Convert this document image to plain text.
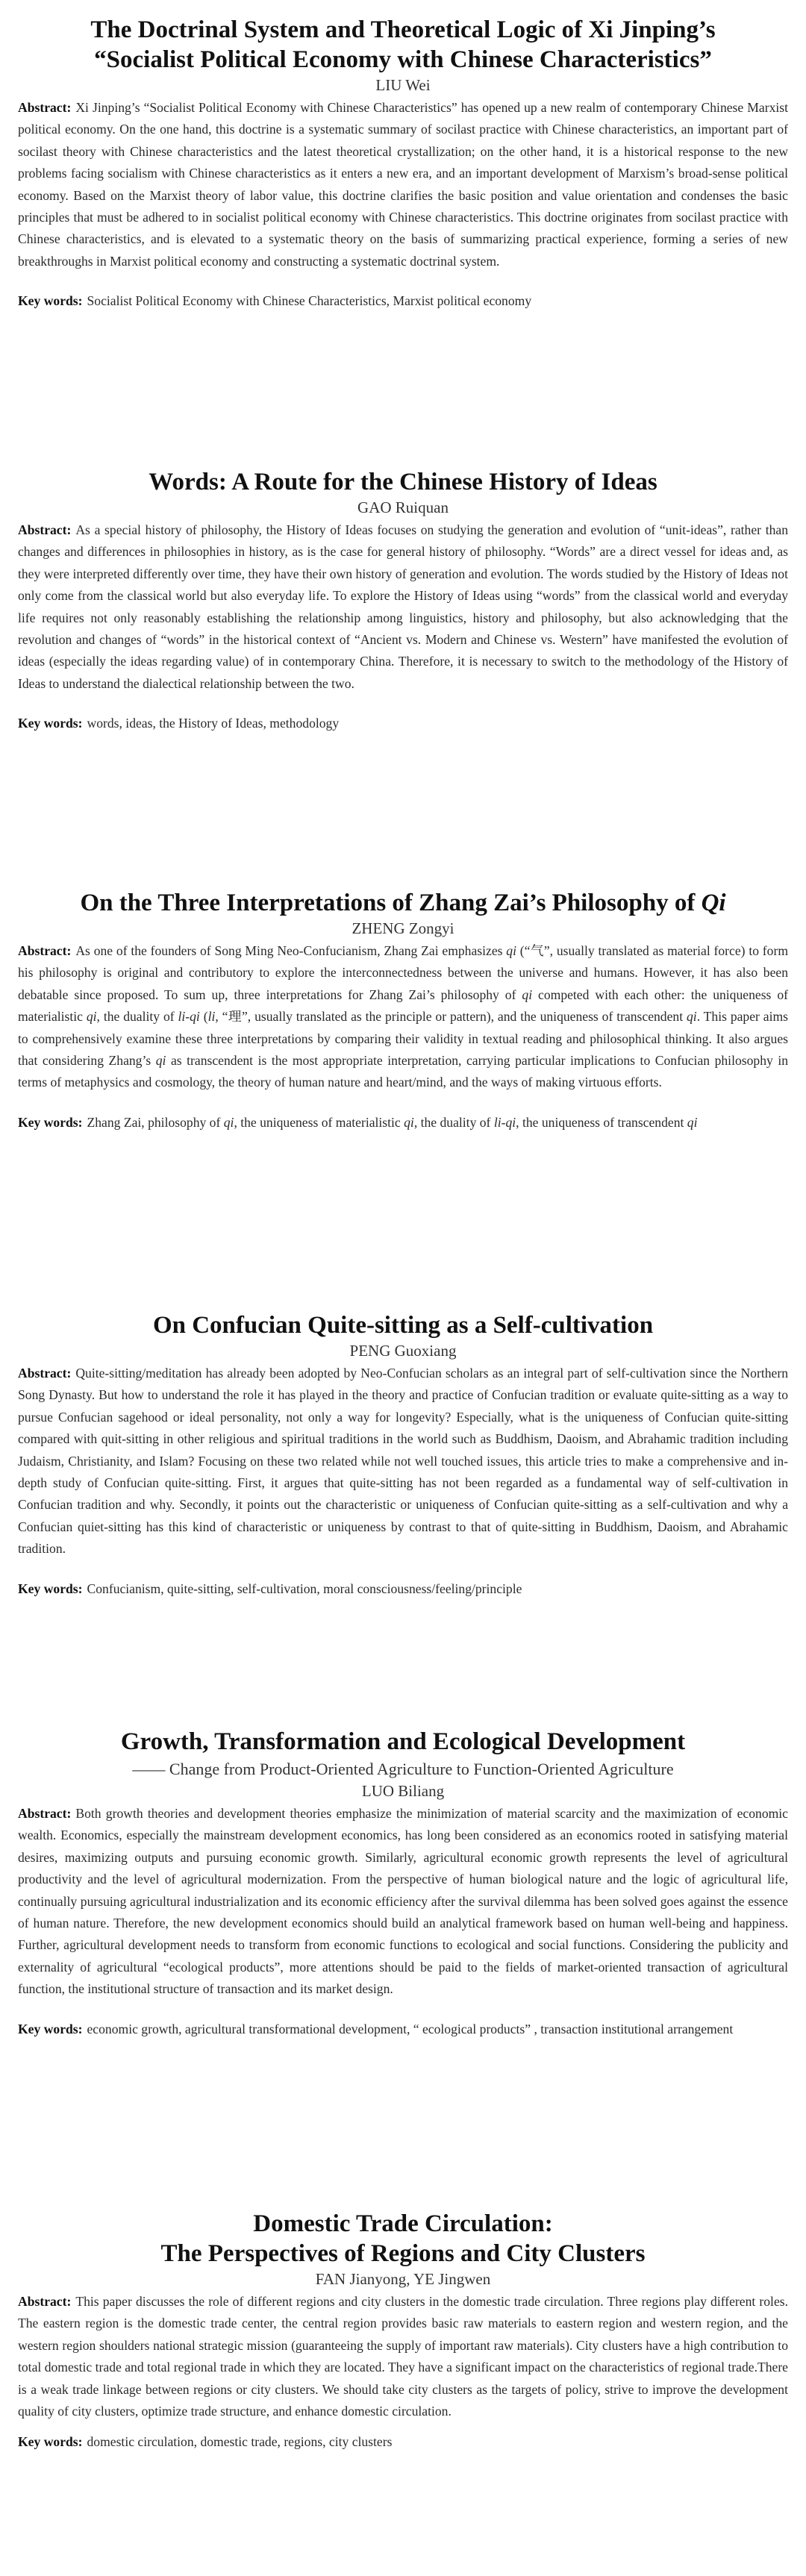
The Doctrinal System and Theoretical Logic of Xi Jinping’s
“Socialist Political Economy with Chinese Characteristics”
LIU Wei

Abstract: Xi Jinping’s “Socialist Political Economy with Chinese Characteristics” has opened up a new realm of contemporary Chinese Marxist political economy. On the one hand, this doctrine is a systematic summary of socilast practice with Chinese characteristics, an important part of socilast theory with Chinese characteristics and the latest theoretical crystallization; on the other hand, it is a historical response to the new problems facing socialism with Chinese characteristics as it enters a new era, and an important development of Marxism’s broad-sense political economy. Based on the Marxist theory of labor value, this doctrine clarifies the basic position and value orientation and condenses the basic principles that must be adhered to in socialist political economy with Chinese characteristics. This doctrine originates from socilast practice with Chinese characteristics, and is elevated to a systematic theory on the basis of summarizing practical experience, forming a series of new breakthroughs in Marxist political economy and constructing a systematic doctrinal system.

Key words: Socialist Political Economy with Chinese Characteristics, Marxist political economy

Words: A Route for the Chinese History of Ideas
GAO Ruiquan

Abstract: As a special history of philosophy, the History of Ideas focuses on studying the generation and evolution of “unit-ideas”, rather than changes and differences in philosophies in history, as is the case for general history of philosophy. “Words” are a direct vessel for ideas and, as they were interpreted differently over time, they have their own history of generation and evolution. The words studied by the History of Ideas not only come from the classical world but also everyday life. To explore the History of Ideas using “words” from the classical world and everyday life requires not only reasonably establishing the relationship among linguistics, history and philosophy, but also acknowledging that the revolution and changes of “words” in the historical context of “Ancient vs. Modern and Chinese vs. Western” have manifested the evolution of ideas (especially the ideas regarding value) of in contemporary China. Therefore, it is necessary to switch to the methodology of the History of Ideas to understand the dialectical relationship between the two.

Key words: words, ideas, the History of Ideas, methodology

On the Three Interpretations of Zhang Zai’s Philosophy of Qi
ZHENG Zongyi

Abstract: As one of the founders of Song Ming Neo-Confucianism, Zhang Zai emphasizes qi (“气”, usually translated as material force) to form his philosophy is original and contributory to explore the interconnectedness between the universe and humans. However, it has also been debatable since proposed. To sum up, three interpretations for Zhang Zai’s philosophy of qi competed with each other: the uniqueness of materialistic qi, the duality of li-qi (li, “理”, usually translated as the principle or pattern), and the uniqueness of transcendent qi. This paper aims to comprehensively examine these three interpretations by comparing their validity in textual reading and philosophical thinking. It also argues that considering Zhang’s qi as transcendent is the most appropriate interpretation, carrying particular implications to Confucian philosophy in terms of metaphysics and cosmology, the theory of human nature and heart/mind, and the ways of making virtuous efforts.

Key words: Zhang Zai, philosophy of qi, the uniqueness of materialistic qi, the duality of li-qi, the uniqueness of transcendent qi

On Confucian Quite-sitting as a Self-cultivation
PENG Guoxiang

Abstract: Quite-sitting/meditation has already been adopted by Neo-Confucian scholars as an integral part of self-cultivation since the Northern Song Dynasty. But how to understand the role it has played in the theory and practice of Confucian tradition or evaluate quite-sitting as a way to pursue Confucian sagehood or ideal personality, not only a way for longevity? Especially, what is the uniqueness of Confucian quite-sitting compared with quit-sitting in other religious and spiritual traditions in the world such as Buddhism, Daoism, and Abrahamic tradition including Judaism, Christianity, and Islam? Focusing on these two related while not well touched issues, this article tries to make a comprehensive and in-depth study of Confucian quite-sitting. First, it argues that quite-sitting has not been regarded as a fundamental way of self-cultivation in Confucian tradition and why. Secondly, it points out the characteristic or uniqueness of Confucian quite-sitting as a self-cultivation and why a Confucian quiet-sitting has this kind of characteristic or uniqueness by contrast to that of quite-sitting in Buddhism, Daoism, and Abrahamic tradition.

Key words: Confucianism, quite-sitting, self-cultivation, moral consciousness/feeling/principle

Growth, Transformation and Ecological Development
—— Change from Product-Oriented Agriculture to Function-Oriented Agriculture
LUO Biliang

Abstract: Both growth theories and development theories emphasize the minimization of material scarcity and the maximization of economic wealth. Economics, especially the mainstream development economics, has long been considered as an economics rooted in satisfying material desires, maximizing outputs and pursuing economic growth. Similarly, agricultural economic growth represents the level of agricultural productivity and the level of agricultural modernization. From the perspective of human biological nature and the logic of agricultural life, continually pursuing agricultural industrialization and its economic efficiency after the survival dilemma has been solved goes against the essence of human nature. Therefore, the new development economics should build an analytical framework based on human well-being and happiness. Further, agricultural development needs to transform from economic functions to ecological and social functions. Considering the publicity and externality of agricultural “ecological products”, more attentions should be paid to the fields of market-oriented transaction of agricultural function, the institutional structure of transaction and its market design.

Key words: economic growth, agricultural transformational development, “ ecological products” , transaction institutional arrangement

Domestic Trade Circulation:
The Perspectives of Regions and City Clusters
FAN Jianyong, YE Jingwen

Abstract: This paper discusses the role of different regions and city clusters in the domestic trade circulation. Three regions play different roles. The eastern region is the domestic trade center, the central region provides basic raw materials to eastern region and western region, and the western region shoulders national strategic mission (guaranteeing the supply of important raw materials). City clusters have a high contribution to total domestic trade and total regional trade in which they are located. They have a significant impact on the characteristics of regional trade.There is a weak trade linkage between regions or city clusters. We should take city clusters as the targets of policy, strive to improve the development quality of city clusters, optimize trade structure, and enhance domestic circulation.

Key words: domestic circulation, domestic trade, regions, city clusters
